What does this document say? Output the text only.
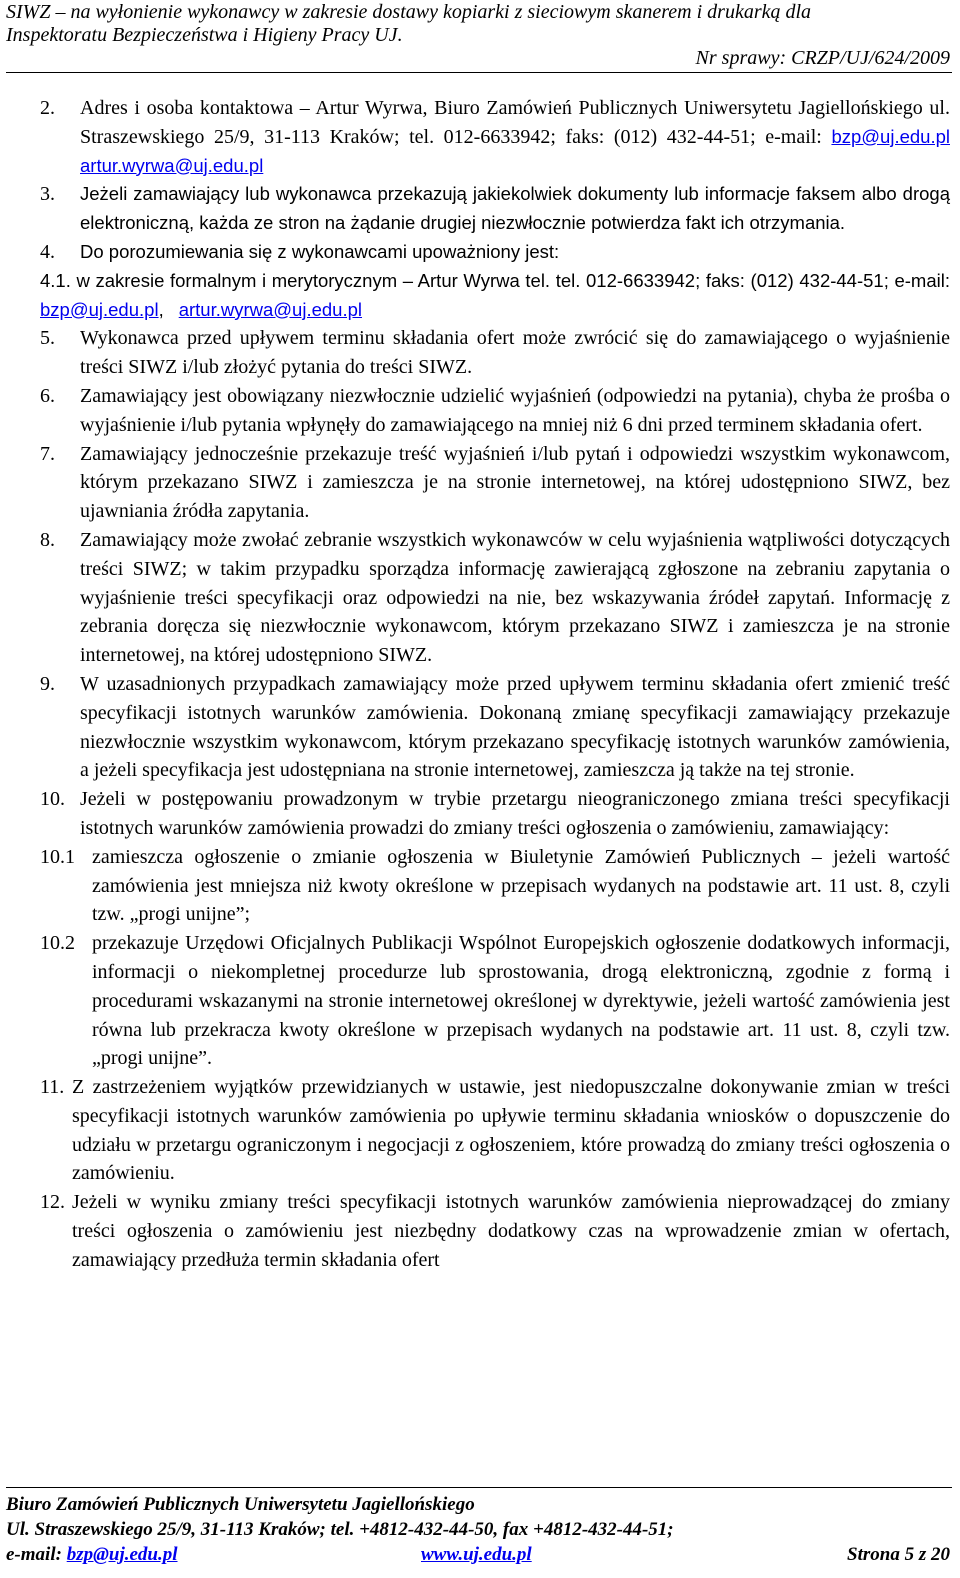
SIWZ – na wyłonienie wykonawcy w zakresie dostawy kopiarki z sieciowym skanerem i drukarką dla
Inspektoratu Bezpieczeństwa i Higieny Pracy UJ.
Nr sprawy: CRZP/UJ/624/2009
2. Adres i osoba kontaktowa – Artur Wyrwa, Biuro Zamówień Publicznych Uniwersytetu Jagiellońskiego ul. Straszewskiego 25/9, 31-113 Kraków; tel. 012-6633942; faks: (012) 432-44-51; e-mail: bzp@uj.edu.pl artur.wyrwa@uj.edu.pl
3. Jeżeli zamawiający lub wykonawca przekazują jakiekolwiek dokumenty lub informacje faksem albo drogą elektroniczną, każda ze stron na żądanie drugiej niezwłocznie potwierdza fakt ich otrzymania.
4. Do porozumiewania się z wykonawcami upoważniony jest:
4.1. w zakresie formalnym i merytorycznym – Artur Wyrwa tel. tel. 012-6633942; faks: (012) 432-44-51; e-mail: bzp@uj.edu.pl, artur.wyrwa@uj.edu.pl
5. Wykonawca przed upływem terminu składania ofert może zwrócić się do zamawiającego o wyjaśnienie treści SIWZ i/lub złożyć pytania do treści SIWZ.
6. Zamawiający jest obowiązany niezwłocznie udzielić wyjaśnień (odpowiedzi na pytania), chyba że prośba o wyjaśnienie i/lub pytania wpłynęły do zamawiającego na mniej niż 6 dni przed terminem składania ofert.
7. Zamawiający jednocześnie przekazuje treść wyjaśnień i/lub pytań i odpowiedzi wszystkim wykonawcom, którym przekazano SIWZ i zamieszcza je na stronie internetowej, na której udostępniono SIWZ, bez ujawniania źródła zapytania.
8. Zamawiający może zwołać zebranie wszystkich wykonawców w celu wyjaśnienia wątpliwości dotyczących treści SIWZ; w takim przypadku sporządza informację zawierającą zgłoszone na zebraniu zapytania o wyjaśnienie treści specyfikacji oraz odpowiedzi na nie, bez wskazywania źródeł zapytań. Informację z zebrania doręcza się niezwłocznie wykonawcom, którym przekazano SIWZ i zamieszcza je na stronie internetowej, na której udostępniono SIWZ.
9. W uzasadnionych przypadkach zamawiający może przed upływem terminu składania ofert zmienić treść specyfikacji istotnych warunków zamówienia. Dokonaną zmianę specyfikacji zamawiający przekazuje niezwłocznie wszystkim wykonawcom, którym przekazano specyfikację istotnych warunków zamówienia, a jeżeli specyfikacja jest udostępniana na stronie internetowej, zamieszcza ją także na tej stronie.
10. Jeżeli w postępowaniu prowadzonym w trybie przetargu nieograniczonego zmiana treści specyfikacji istotnych warunków zamówienia prowadzi do zmiany treści ogłoszenia o zamówieniu, zamawiający:
10.1 zamieszcza ogłoszenie o zmianie ogłoszenia w Biuletynie Zamówień Publicznych – jeżeli wartość zamówienia jest mniejsza niż kwoty określone w przepisach wydanych na podstawie art. 11 ust. 8, czyli tzw. „progi unijne”;
10.2 przekazuje Urzędowi Oficjalnych Publikacji Wspólnot Europejskich ogłoszenie dodatkowych informacji, informacji o niekompletnej procedurze lub sprostowania, drogą elektroniczną, zgodnie z formą i procedurami wskazanymi na stronie internetowej określonej w dyrektywie, jeżeli wartość zamówienia jest równa lub przekracza kwoty określone w przepisach wydanych na podstawie art. 11 ust. 8, czyli tzw. „progi unijne”.
11. Z zastrzeżeniem wyjątków przewidzianych w ustawie, jest niedopuszczalne dokonywanie zmian w treści specyfikacji istotnych warunków zamówienia po upływie terminu składania wniosków o dopuszczenie do udziału w przetargu ograniczonym i negocjacji z ogłoszeniem, które prowadzą do zmiany treści ogłoszenia o zamówieniu.
12. Jeżeli w wyniku zmiany treści specyfikacji istotnych warunków zamówienia nieprowadzącej do zmiany treści ogłoszenia o zamówieniu jest niezbędny dodatkowy czas na wprowadzenie zmian w ofertach, zamawiający przedłuża termin składania ofert
Biuro Zamówień Publicznych Uniwersytetu Jagiellońskiego
Ul. Straszewskiego 25/9, 31-113 Kraków; tel. +4812-432-44-50, fax +4812-432-44-51;
e-mail: bzp@uj.edu.pl	www.uj.edu.pl	Strona 5 z 20
